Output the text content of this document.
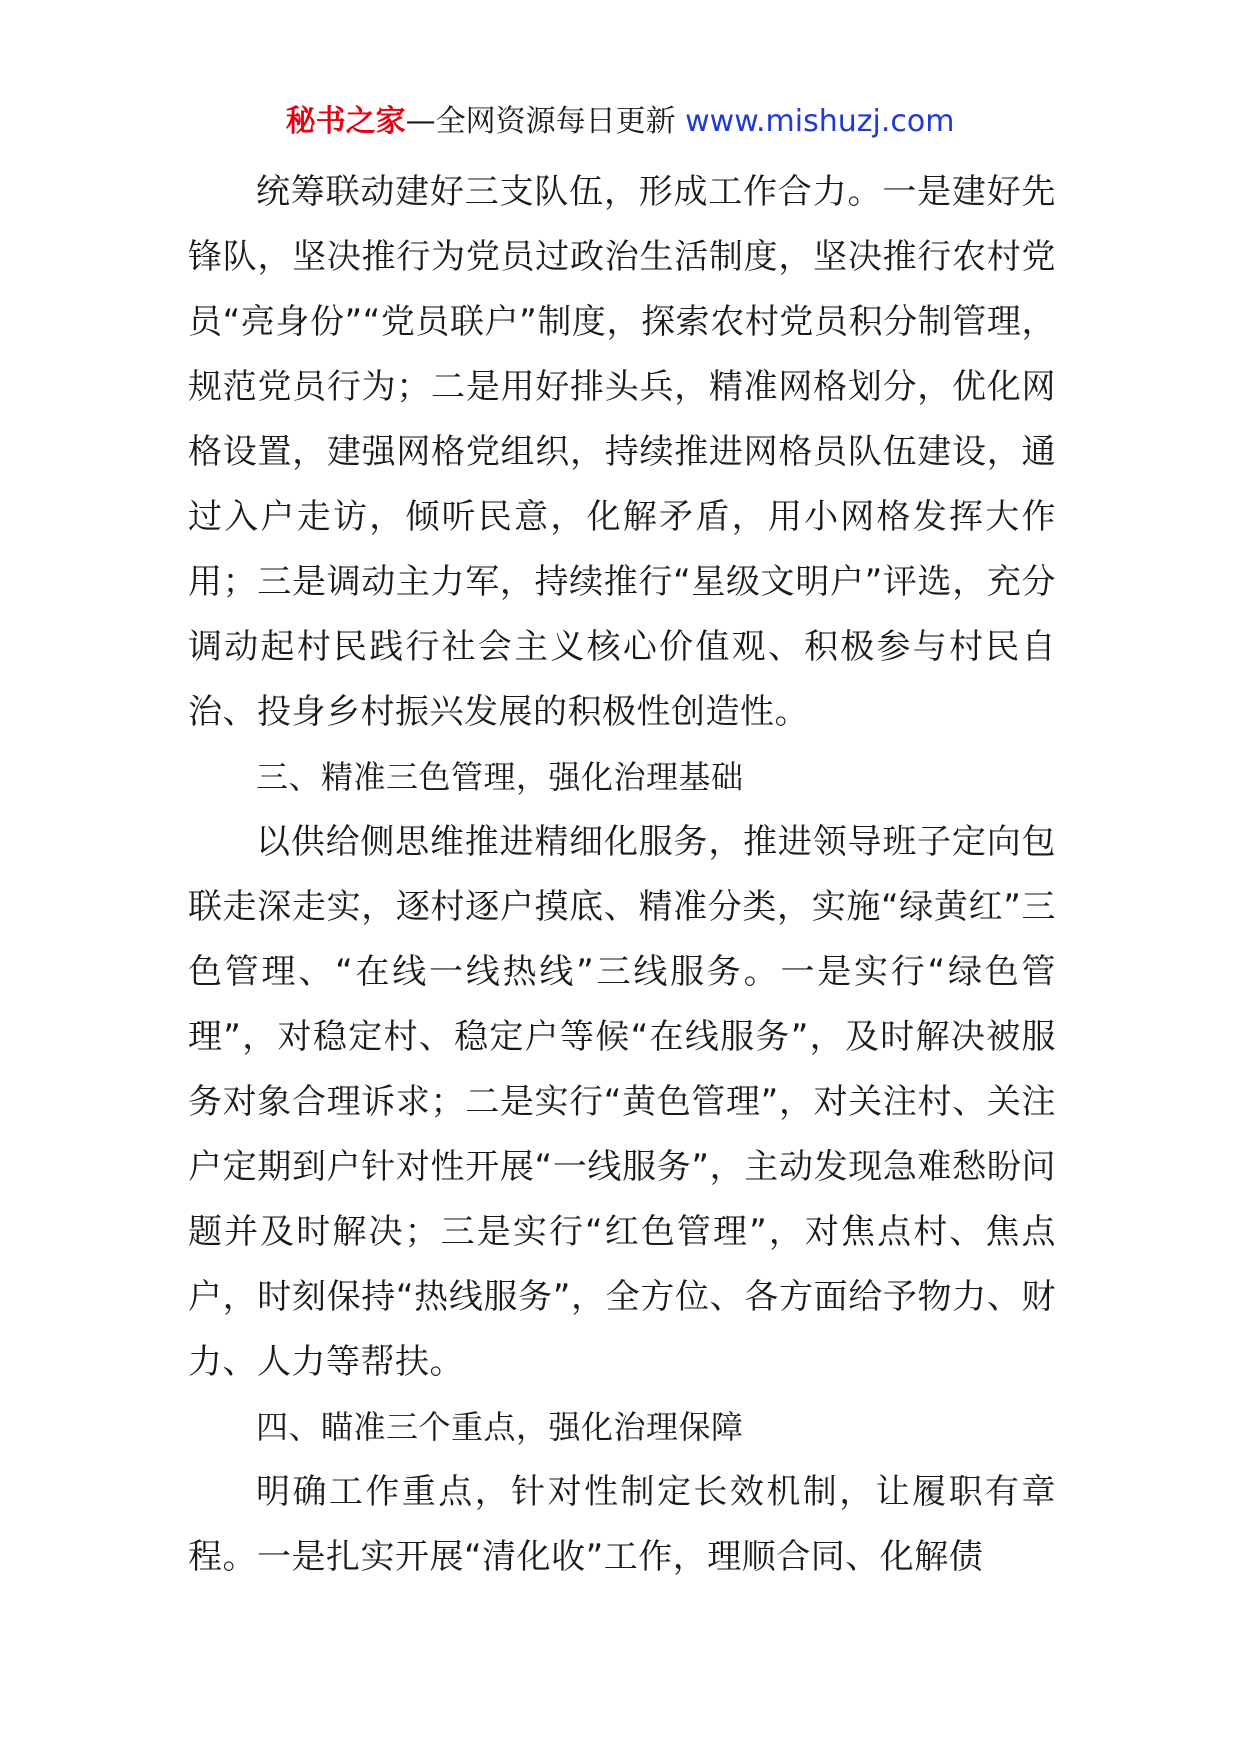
秘书之家—全网资源每日更新 www.mishuzj.com

统筹联动建好三支队伍，形成工作合力。一是建好先锋队，坚决推行为党员过政治生活制度，坚决推行农村党员“亮身份”“党员联户”制度，探索农村党员积分制管理，规范党员行为；二是用好排头兵，精准网格划分，优化网格设置，建强网格党组织，持续推进网格员队伍建设，通过入户走访，倾听民意，化解矛盾，用小网格发挥大作用；三是调动主力军，持续推行“星级文明户”评选，充分调动起村民践行社会主义核心价值观、积极参与村民自治、投身乡村振兴发展的积极性创造性。

三、精准三色管理，强化治理基础

以供给侧思维推进精细化服务，推进领导班子定向包联走深走实，逐村逐户摸底、精准分类，实施“绿黄红”三色管理、“在线一线热线”三线服务。一是实行“绿色管理”，对稳定村、稳定户等候“在线服务”，及时解决被服务对象合理诉求；二是实行“黄色管理”，对关注村、关注户定期到户针对性开展“一线服务”，主动发现急难愁盼问题并及时解决；三是实行“红色管理”，对焦点村、焦点户，时刻保持“热线服务”，全方位、各方面给予物力、财力、人力等帮扶。

四、瞄准三个重点，强化治理保障

明确工作重点，针对性制定长效机制，让履职有章程。一是扎实开展“清化收”工作，理顺合同、化解债
